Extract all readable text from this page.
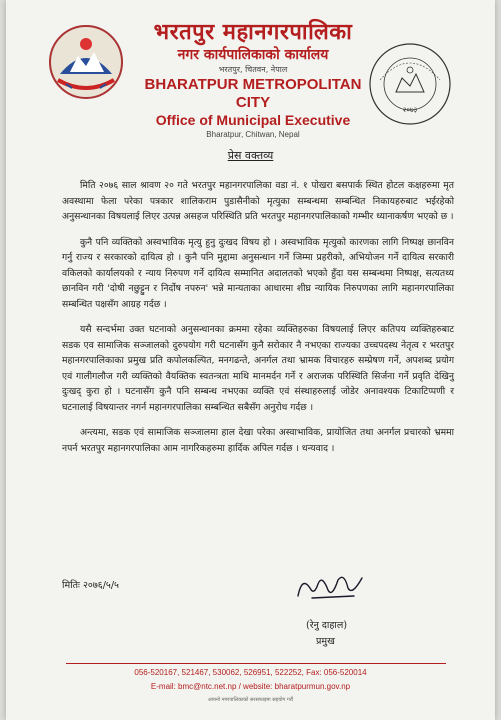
भरतपुर महानगरपालिका
नगर कार्यपालिकाको कार्यालय
भरतपुर, चितवन, नेपाल
BHARATPUR METROPOLITAN CITY
Office of Municipal Executive
Bharatpur, Chitwan, Nepal
२०७३
प्रेस वक्तव्य

मिति २०७६ साल श्रावण २० गते भरतपुर महानगरपालिका वडा नं. १ पोखरा बसपार्क स्थित होटल कक्षहरुमा मृत अवस्थामा फेला परेका पत्रकार शालिकराम पुडासैनीको मृत्युका सम्बन्धमा सम्बन्धित निकायहरुबाट भईरहेको अनुसन्धानका विषयलाई लिएर उत्पन्न असहज परिस्थिति प्रति भरतपुर महानगरपालिकाको गम्भीर ध्यानाकर्षण भएको छ ।

कुनै पनि व्यक्तिको अस्वभाविक मृत्यु हुनु दुःखद विषय हो । अस्वभाविक मृत्युको कारणका लागि निष्पक्ष छानविन गर्नु राज्य र सरकारको दायित्व हो । कुनै पनि मुद्दामा अनुसन्धान गर्ने जिम्मा प्रहरीको, अभियोजन गर्ने दायित्व सरकारी वकिलको कार्यालयको र न्याय निरुपण गर्ने दायित्व सम्मानित अदालतको भएको हुँदा यस सम्बन्धमा निष्पक्ष, सत्यतथ्य छानविन गरी 'दोषी नछुट्टुन र निर्दोष नपरुन' भन्ने मान्यताका आधारमा शीघ्र न्यायिक निरुपणका लागि महानगरपालिका सम्बन्धित पक्षसँग आग्रह गर्दछ ।

यसै सन्दर्भमा उक्त घटनाको अनुसन्धानका क्रममा रहेका व्यक्तिहरुका विषयलाई लिएर कतिपय व्यक्तिहरुबाट सडक एव सामाजिक सञ्जालको दुरुपयोग गरी घटनासँग कुनै सरोकार नै नभएका राज्यका उच्चपदस्थ नेतृत्व र भरतपुर महानगरपालिकाका प्रमुख प्रति कपोलकल्पित, मनगढन्ते, अनर्गल तथा भ्रामक विचारहरु सम्प्रेषण गर्ने, अपशब्द प्रयोग एवं गालीगलौज गरी व्यक्तिको वैयक्तिक स्वतन्त्रता माथि मानमर्दन गर्ने र अराजक परिस्थिति सिर्जना गर्ने प्रवृति देखिनु दुःखद् कुरा हो । घटनासँग कुनै पनि सम्बन्ध नभएका व्यक्ति एवं संस्थाहरुलाई जोडेर अनावश्यक टिकाटिप्पणी र घटनालाई विषयान्तर नगर्न महानगरपालिका सम्बन्धित सबैसँग अनुरोध गर्दछ ।

अन्त्यमा, सडक एवं सामाजिक सञ्जालमा हाल देखा परेका अस्वाभाविक, प्रायोजित तथा अनर्गल प्रचारको भ्रममा नपर्न भरतपुर महानगरपालिका आम नागरिकहरुमा हार्दिक अपिल गर्दछ । धन्यवाद ।

मितिः २०७६/५/५
(रेनु दाहाल)
प्रमुख
056-520167, 521467, 530062, 526951, 522252, Fax: 056-520014
E-mail: bmc@ntc.net.np / website: bharatpurmun.gov.np
आफ्नो नगरपालिकाको सरसफाइमा सहयोग गरौं
